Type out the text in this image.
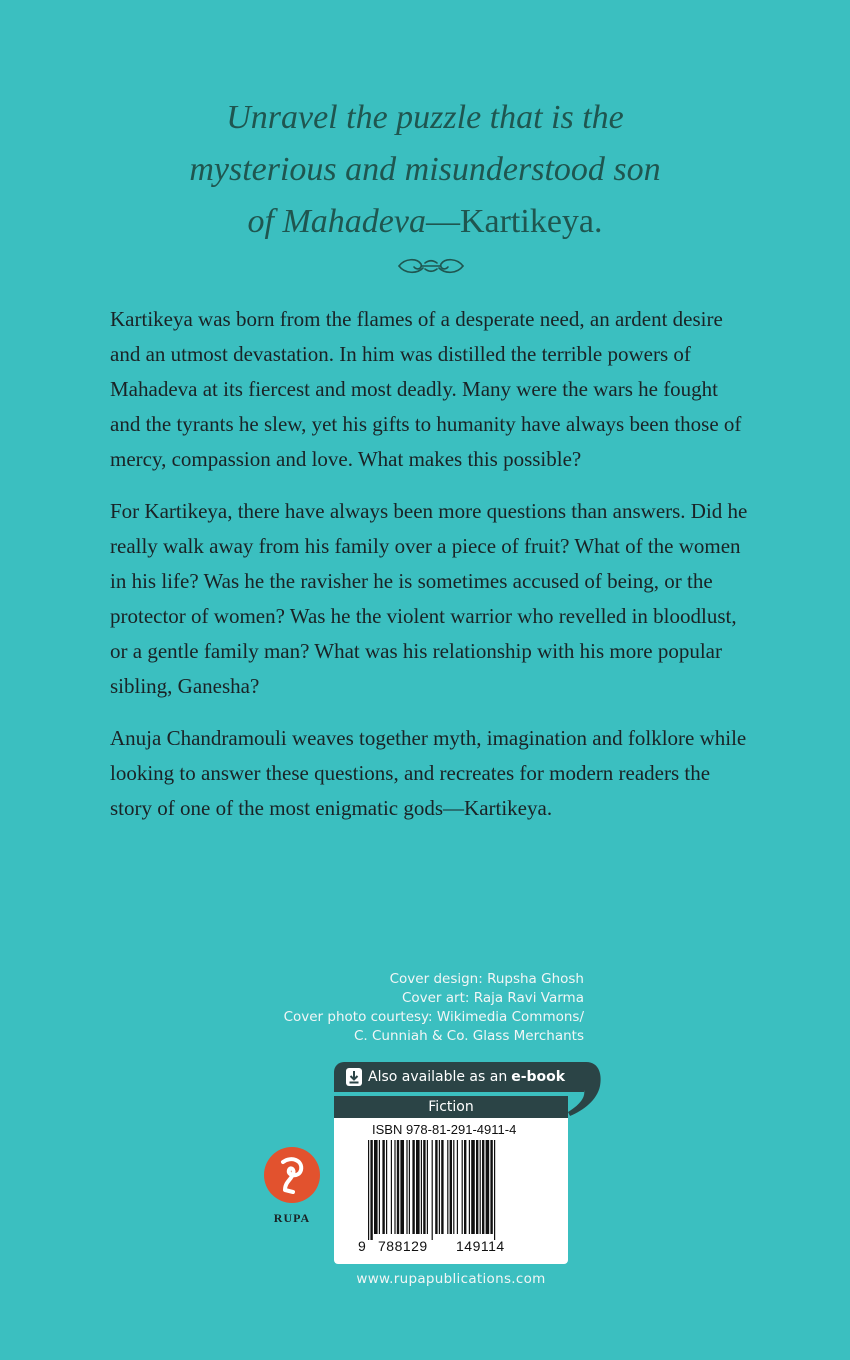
Unravel the puzzle that is the
mysterious and misunderstood son
of Mahadeva—Kartikeya.

Kartikeya was born from the flames of a desperate need, an ardent desire and an utmost devastation. In him was distilled the terrible powers of Mahadeva at its fiercest and most deadly. Many were the wars he fought and the tyrants he slew, yet his gifts to humanity have always been those of mercy, compassion and love. What makes this possible?

For Kartikeya, there have always been more questions than answers. Did he really walk away from his family over a piece of fruit? What of the women in his life? Was he the ravisher he is sometimes accused of being, or the protector of women? Was he the violent warrior who revelled in bloodlust, or a gentle family man? What was his relationship with his more popular sibling, Ganesha?

Anuja Chandramouli weaves together myth, imagination and folklore while looking to answer these questions, and recreates for modern readers the story of one of the most enigmatic gods—Kartikeya.

Cover design: Rupsha Ghosh
Cover art: Raja Ravi Varma
Cover photo courtesy: Wikimedia Commons/
C. Cunniah & Co. Glass Merchants
Also available as an e-book
Fiction
ISBN 978-81-291-4911-4
9 788129 149114
RUPA
www.rupapublications.com
